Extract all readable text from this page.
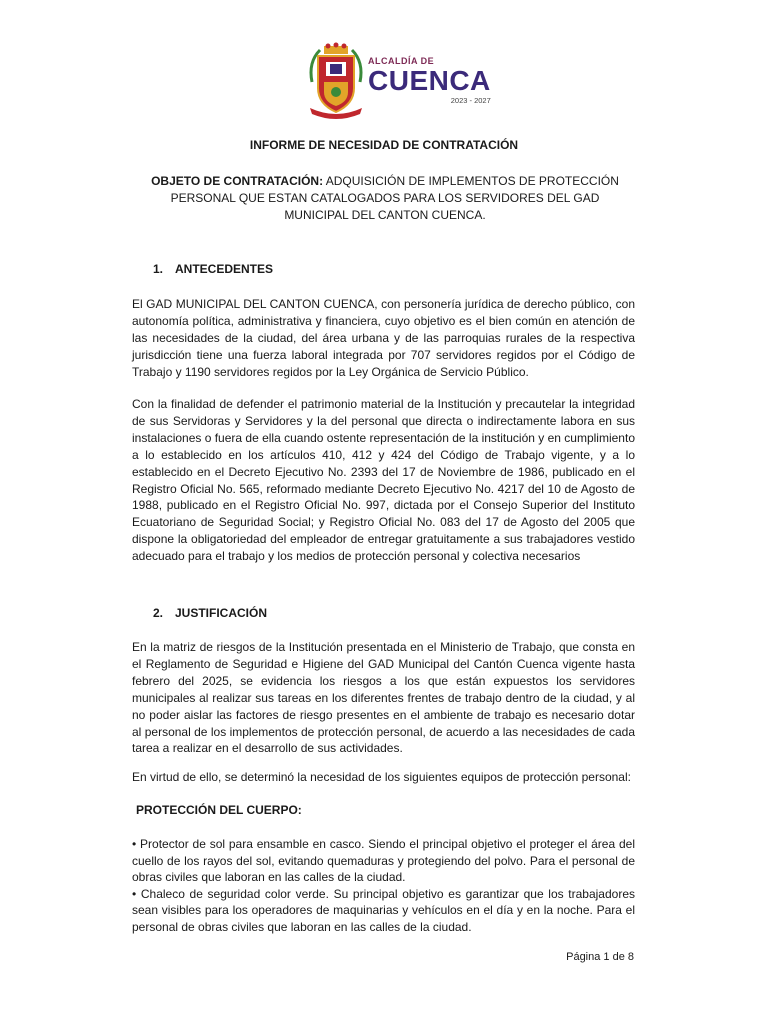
ALCALDÍA DE
CUENCA
2023 - 2027
INFORME DE NECESIDAD DE CONTRATACIÓN
OBJETO DE CONTRATACIÓN: ADQUISICIÓN DE IMPLEMENTOS DE PROTECCIÓN PERSONAL QUE ESTAN CATALOGADOS PARA LOS SERVIDORES DEL GAD MUNICIPAL DEL CANTON CUENCA.
1. ANTECEDENTES

El GAD MUNICIPAL DEL CANTON CUENCA, con personería jurídica de derecho público, con autonomía política, administrativa y financiera, cuyo objetivo es el bien común en atención de las necesidades de la ciudad, del área urbana y de las parroquias rurales de la respectiva jurisdicción tiene una fuerza laboral integrada por 707 servidores regidos por el Código de Trabajo y 1190 servidores regidos por la Ley Orgánica de Servicio Público.

Con la finalidad de defender el patrimonio material de la Institución y precautelar la integridad de sus Servidoras y Servidores y la del personal que directa o indirectamente labora en sus instalaciones o fuera de ella cuando ostente representación de la institución y en cumplimiento a lo establecido en los artículos 410, 412 y 424 del Código de Trabajo vigente, y a lo establecido en el Decreto Ejecutivo No. 2393 del 17 de Noviembre de 1986, publicado en el Registro Oficial No. 565, reformado mediante Decreto Ejecutivo No. 4217 del 10 de Agosto de 1988, publicado en el Registro Oficial No. 997, dictada por el Consejo Superior del Instituto Ecuatoriano de Seguridad Social; y Registro Oficial No. 083 del 17 de Agosto del 2005 que dispone la obligatoriedad del empleador de entregar gratuitamente a sus trabajadores vestido adecuado para el trabajo y los medios de protección personal y colectiva necesarios

2. JUSTIFICACIÓN

En la matriz de riesgos de la Institución presentada en el Ministerio de Trabajo, que consta en el Reglamento de Seguridad e Higiene del GAD Municipal del Cantón Cuenca vigente hasta febrero del 2025, se evidencia los riesgos a los que están expuestos los servidores municipales al realizar sus tareas en los diferentes frentes de trabajo dentro de la ciudad, y al no poder aislar las factores de riesgo presentes en el ambiente de trabajo es necesario dotar al personal de los implementos de protección personal, de acuerdo a las necesidades de cada tarea a realizar en el desarrollo de sus actividades.

En virtud de ello, se determinó la necesidad de los siguientes equipos de protección personal:

PROTECCIÓN DEL CUERPO:
• Protector de sol para ensamble en casco. Siendo el principal objetivo el proteger el área del cuello de los rayos del sol, evitando quemaduras y protegiendo del polvo. Para el personal de obras civiles que laboran en las calles de la ciudad.
• Chaleco de seguridad color verde. Su principal objetivo es garantizar que los trabajadores sean visibles para los operadores de maquinarias y vehículos en el día y en la noche. Para el personal de obras civiles que laboran en las calles de la ciudad.
Página 1 de 8
